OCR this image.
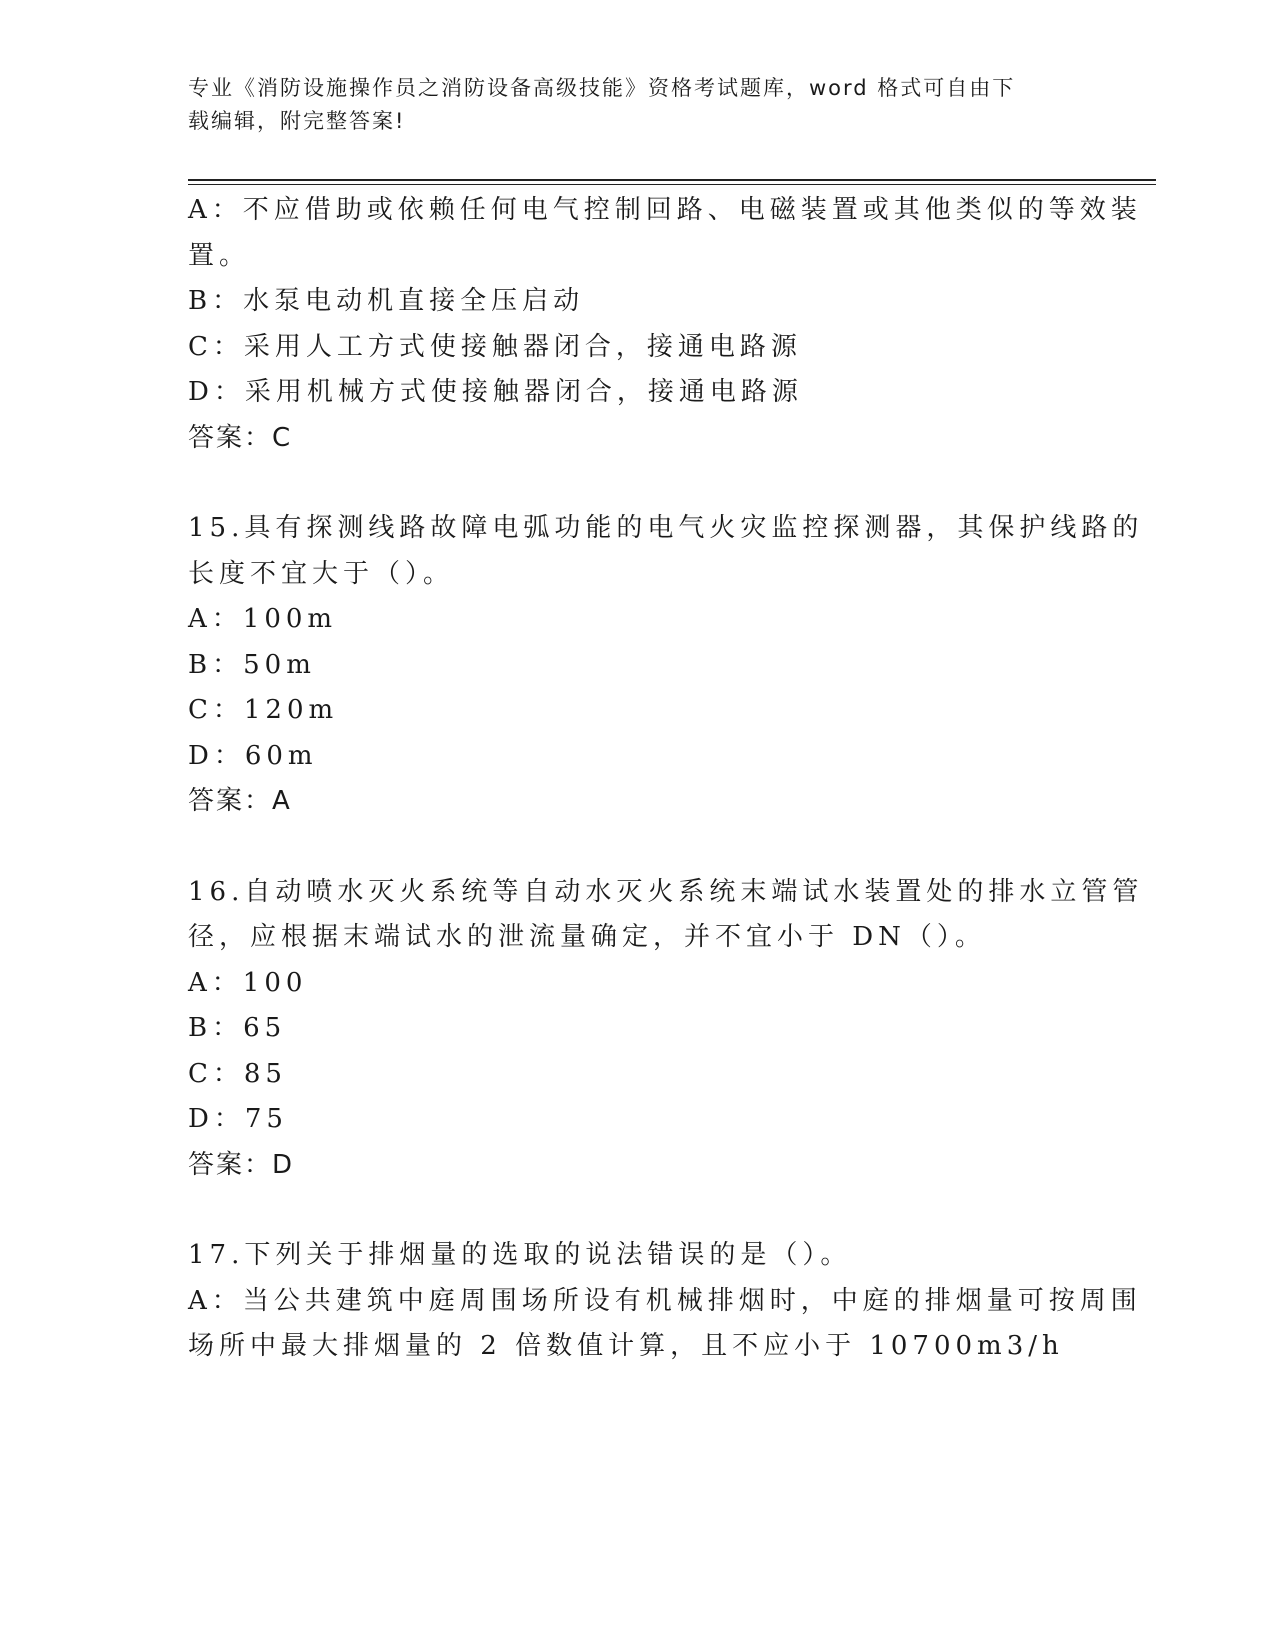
专业《消防设施操作员之消防设备高级技能》资格考试题库，word 格式可自由下
载编辑，附完整答案!
A：不应借助或依赖任何电气控制回路、电磁装置或其他类似的等效装
置。
B：水泵电动机直接全压启动
C：采用人工方式使接触器闭合，接通电路源
D：采用机械方式使接触器闭合，接通电路源
答案：C
15.具有探测线路故障电弧功能的电气火灾监控探测器，其保护线路的
长度不宜大于（）。
A：100m
B：50m
C：120m
D：60m
答案：A
16.自动喷水灭火系统等自动水灭火系统末端试水装置处的排水立管管
径，应根据末端试水的泄流量确定，并不宜小于 DN（）。
A：100
B：65
C：85
D：75
答案：D
17.下列关于排烟量的选取的说法错误的是（）。
A：当公共建筑中庭周围场所设有机械排烟时，中庭的排烟量可按周围
场所中最大排烟量的 2 倍数值计算，且不应小于 10700m3/h
